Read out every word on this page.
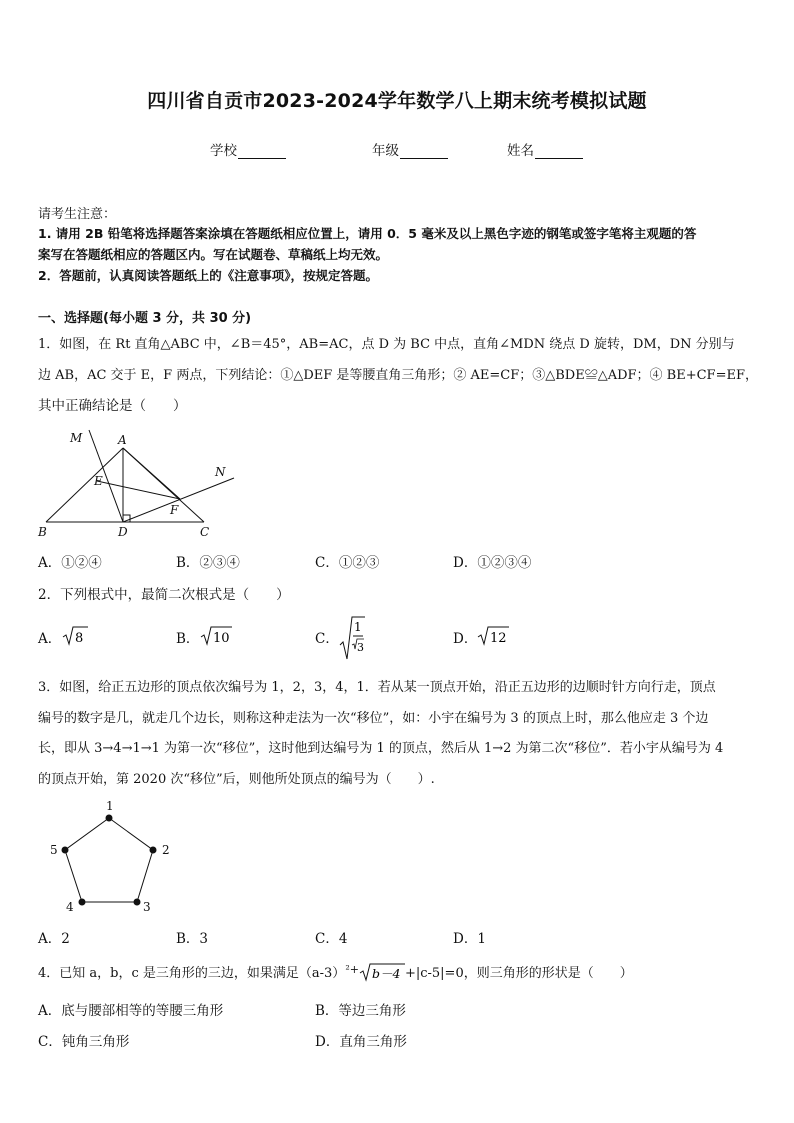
四川省自贡市2023-2024学年数学八上期末统考模拟试题
学校	年级	姓名
请考生注意：
1. 请用 2B 铅笔将选择题答案涂填在答题纸相应位置上，请用 0．5 毫米及以上黑色字迹的钢笔或签字笔将主观题的答
案写在答题纸相应的答题区内。写在试题卷、草稿纸上均无效。
2．答题前，认真阅读答题纸上的《注意事项》，按规定答题。
一、选择题(每小题 3 分，共 30 分)
1．如图，在 Rt 直角△ABC 中，∠B＝45°，AB=AC，点 D 为 BC 中点，直角∠MDN 绕点 D 旋转，DM，DN 分别与
边 AB，AC 交于 E，F 两点，下列结论：①△DEF 是等腰直角三角形；② AE=CF；③△BDE≌△ADF；④ BE+CF=EF，
其中正确结论是（　　）
M	A
N
E
F
B	D	C
A．①②④	B．②③④	C．①②③	D．①②③④
2．下列根式中，最简二次根式是（　　）
A． 8	B． 10	C．
1
3
D． 12
3．如图，给正五边形的顶点依次编号为 1，2，3，4，1．若从某一顶点开始，沿正五边形的边顺时针方向行走，顶点
编号的数字是几，就走几个边长，则称这种走法为一次“移位”，如：小宇在编号为 3 的顶点上时，那么他应走 3 个边
长，即从 3→4→1→1 为第一次“移位”，这时他到达编号为 1 的顶点，然后从 1→2 为第二次“移位”．若小宇从编号为 4
的顶点开始，第 2020 次“移位”后，则他所处顶点的编号为（　　）.
1
2
3
4
5
A．2	B．3	C．4	D．1
4．已知 a，b，c 是三角形的三边，如果满足$(a-3)^{^2+}$ b－4 +|c-5|=0，则三角形的形状是（　　）
A．底与腰部相等的等腰三角形	B．等边三角形
C．钝角三角形	D．直角三角形
